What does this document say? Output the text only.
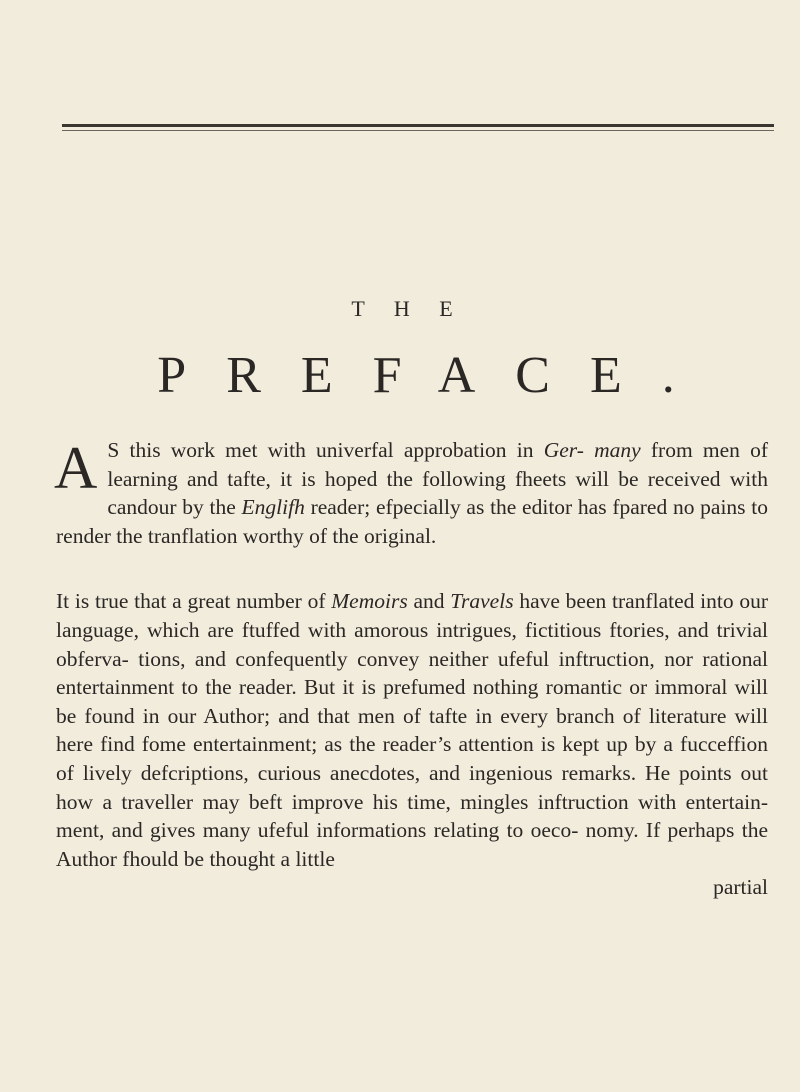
T H E
PREFACE.

A S this work met with univerfal approbation in Ger- many from men of learning and tafte, it is hoped the following fheets will be received with candour by the Englifh reader; efpecially as the editor has fpared no pains to render the tranflation worthy of the original.

It is true that a great number of Memoirs and Travels have been tranflated into our language, which are ftuffed with amorous intrigues, fictitious ftories, and trivial obferva- tions, and confequently convey neither ufeful inftruction, nor rational entertainment to the reader. But it is prefumed nothing romantic or immoral will be found in our Author; and that men of tafte in every branch of literature will here find fome entertainment; as the reader’s attention is kept up by a fucceffion of lively defcriptions, curious anecdotes, and ingenious remarks. He points out how a traveller may beft improve his time, mingles inftruction with entertain- ment, and gives many ufeful informations relating to oeco- nomy. If perhaps the Author fhould be thought a little
partial
